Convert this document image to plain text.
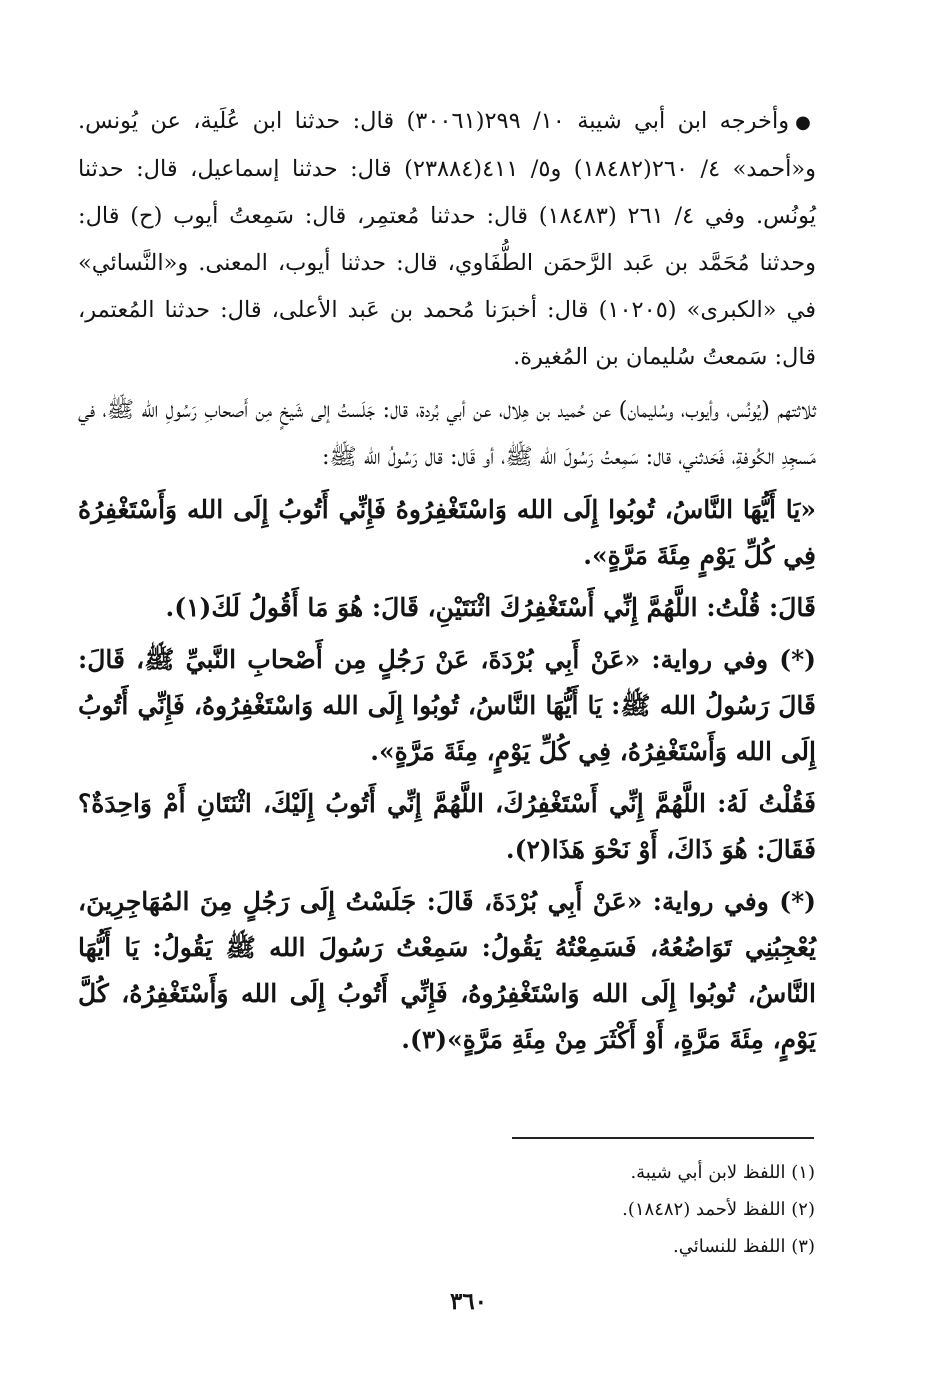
●وأخرجه ابن أبي شيبة ١٠/ ٢٩٩(٣٠٠٦١) قال: حدثنا ابن عُلَية، عن يُونس. و«أحمد» ٤/ ٢٦٠(١٨٤٨٢) و٥/ ٤١١(٢٣٨٨٤) قال: حدثنا إسماعيل، قال: حدثنا يُونُس. وفي ٤/ ٢٦١ (١٨٤٨٣) قال: حدثنا مُعتمِر، قال: سَمِعتُ أيوب (ح) قال: وحدثنا مُحَمَّد بن عَبد الرَّحمَن الطُّفَاوي، قال: حدثنا أيوب، المعنى. و«النَّسائي» في «الكبرى» (١٠٢٠٥) قال: أخبرَنا مُحمد بن عَبد الأعلى، قال: حدثنا المُعتمر، قال: سَمعتُ سُليمان بن المُغيرة.

ثلاثتهم (يُونُس، وأيوب، وسُليمان) عن حُميد بن هِلال، عن أبي بُردة، قال: جَلَستُ إلى شَيخٍ مِن أَصحابِ رَسُولِ الله ﷺ، في مَسجِدِ الكُوفةِ، فَحَدثني، قال: سَمِعتُ رَسُولَ الله ﷺ، أو قَال: قال رَسُولُ الله ﷺ:

«يَا أَيُّهَا النَّاسُ، تُوبُوا إِلَى الله وَاسْتَغْفِرُوهُ فَإِنِّي أَتُوبُ إِلَى الله وَأَسْتَغْفِرُهُ فِي كُلِّ يَوْمٍ مِئَةَ مَرَّةٍ».

قَالَ: قُلْتُ: اللَّهُمَّ إِنِّي أَسْتَغْفِرُكَ اثْنَتَيْنِ، قَالَ: هُوَ مَا أَقُولُ لَكَ(١).

(*) وفي رواية: «عَنْ أَبِي بُرْدَةَ، عَنْ رَجُلٍ مِن أَصْحابِ النَّبيِّ ﷺ، قَالَ: قَالَ رَسُولُ الله ﷺ: يَا أَيُّهَا النَّاسُ، تُوبُوا إِلَى الله وَاسْتَغْفِرُوهُ، فَإِنِّي أَتُوبُ إِلَى الله وَأَسْتَغْفِرُهُ، فِي كُلِّ يَوْمٍ، مِئَةَ مَرَّةٍ».

فَقُلْتُ لَهُ: اللَّهُمَّ إِنِّي أَسْتَغْفِرُكَ، اللَّهُمَّ إِنِّي أَتُوبُ إِلَيْكَ، اثْنَتَانِ أَمْ وَاحِدَةٌ؟ فَقَالَ: هُوَ ذَاكَ، أَوْ نَحْوَ هَذَا(٢).

(*) وفي رواية: «عَنْ أَبِي بُرْدَةَ، قَالَ: جَلَسْتُ إِلَى رَجُلٍ مِنَ المُهَاجِرِينَ، يُعْجِبُنِي تَوَاضُعُهُ، فَسَمِعْتُهُ يَقُولُ: سَمِعْتُ رَسُولَ الله ﷺ يَقُولُ: يَا أَيُّهَا النَّاسُ، تُوبُوا إِلَى الله وَاسْتَغْفِرُوهُ، فَإِنِّي أَتُوبُ إِلَى الله وَأَسْتَغْفِرُهُ، كُلَّ يَوْمٍ، مِئَةَ مَرَّةٍ، أَوْ أَكْثَرَ مِنْ مِئَةِ مَرَّةٍ»(٣).

(١) اللفظ لابن أبي شيبة.
(٢) اللفظ لأحمد (١٨٤٨٢).
(٣) اللفظ للنسائي.
٣٦٠
